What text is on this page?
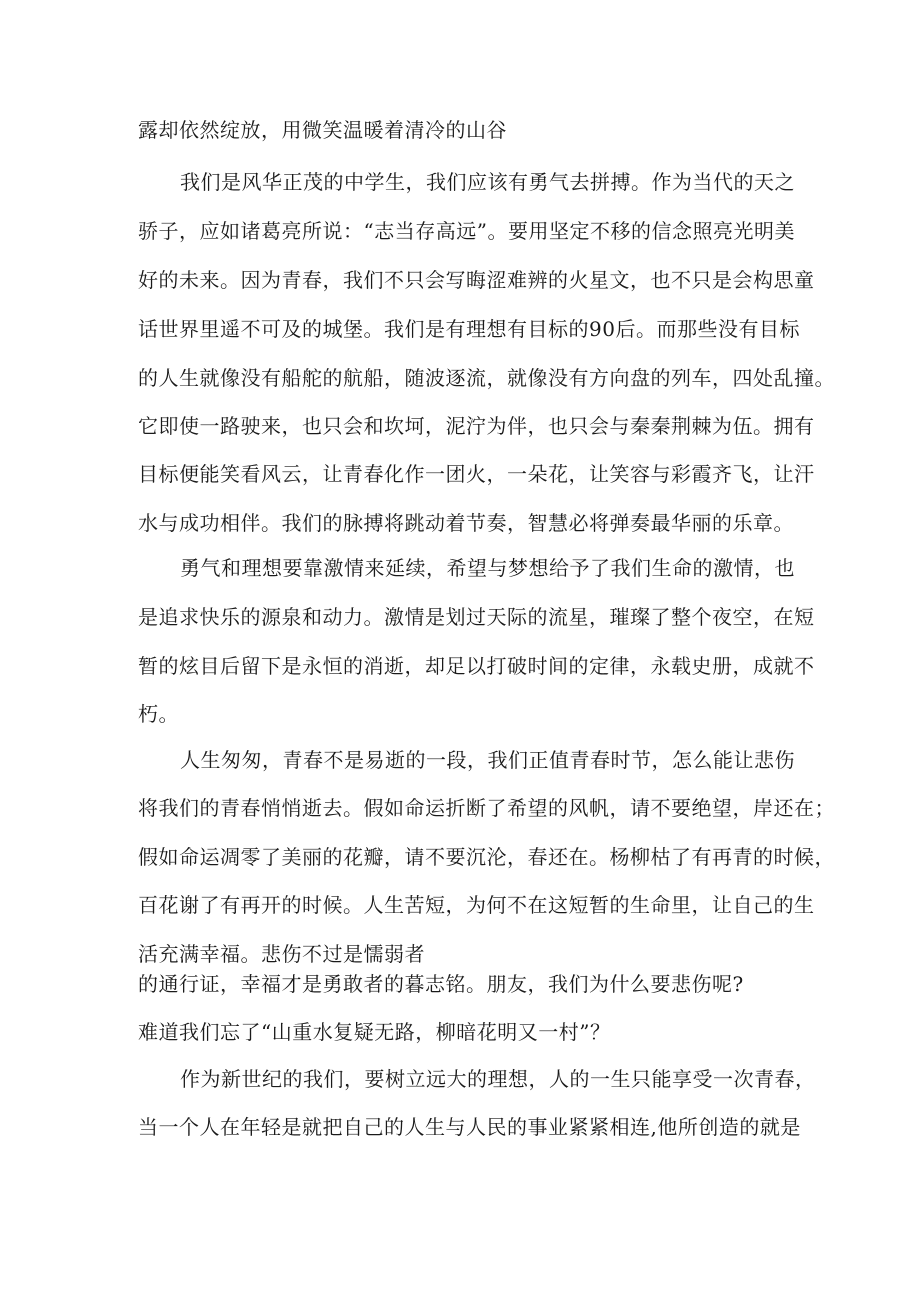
露却依然绽放，用微笑温暖着清冷的山谷
我们是风华正茂的中学生，我们应该有勇气去拼搏。作为当代的天之
骄子，应如诸葛亮所说：“志当存高远”。要用坚定不移的信念照亮光明美
好的未来。因为青春，我们不只会写晦涩难辨的火星文，也不只是会构思童
话世界里遥不可及的城堡。我们是有理想有目标的90后。而那些没有目标
的人生就像没有船舵的航船，随波逐流，就像没有方向盘的列车，四处乱撞。
它即使一路驶来，也只会和坎坷，泥泞为伴，也只会与秦秦荆棘为伍。拥有
目标便能笑看风云，让青春化作一团火，一朵花，让笑容与彩霞齐飞，让汗
水与成功相伴。我们的脉搏将跳动着节奏，智慧必将弹奏最华丽的乐章。
勇气和理想要靠激情来延续，希望与梦想给予了我们生命的激情，也
是追求快乐的源泉和动力。激情是划过天际的流星，璀璨了整个夜空，在短
暂的炫目后留下是永恒的消逝，却足以打破时间的定律，永载史册，成就不
朽。
人生匆匆，青春不是易逝的一段，我们正值青春时节，怎么能让悲伤
将我们的青春悄悄逝去。假如命运折断了希望的风帆，请不要绝望，岸还在；
假如命运凋零了美丽的花瓣，请不要沉沦，春还在。杨柳枯了有再青的时候，
百花谢了有再开的时候。人生苦短，为何不在这短暂的生命里，让自己的生
活充满幸福。悲伤不过是懦弱者
的通行证，幸福才是勇敢者的暮志铭。朋友，我们为什么要悲伤呢?
难道我们忘了“山重水复疑无路，柳暗花明又一村”？
作为新世纪的我们，要树立远大的理想，人的一生只能享受一次青春，
当一个人在年轻是就把自己的人生与人民的事业紧紧相连,他所创造的就是
